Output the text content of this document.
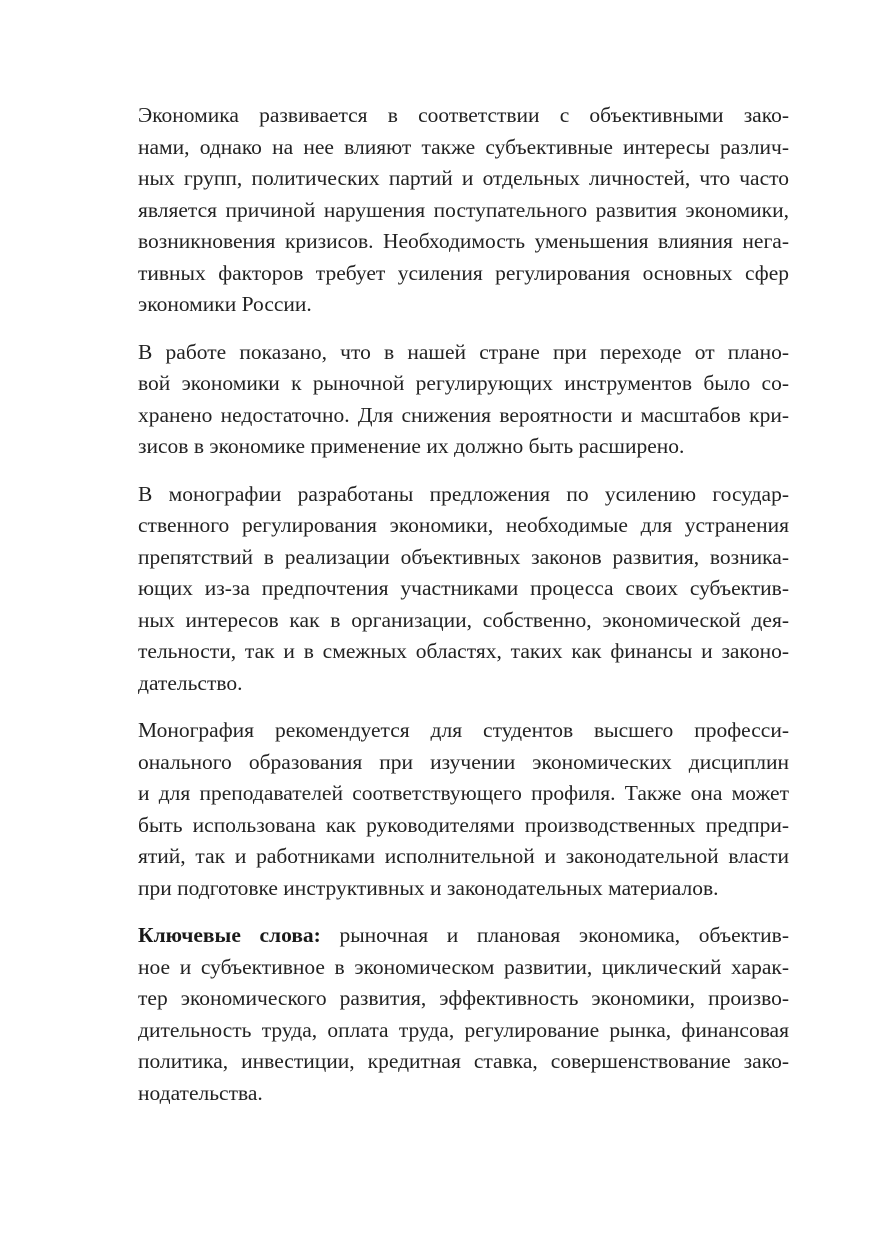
Экономика развивается в соответствии с объективными зако-
нами, однако на нее влияют также субъективные интересы различ-
ных групп, политических партий и отдельных личностей, что часто
является причиной нарушения поступательного развития экономики,
возникновения кризисов. Необходимость уменьшения влияния нега-
тивных факторов требует усиления регулирования основных сфер
экономики России.

В работе показано, что в нашей стране при переходе от плано-
вой экономики к рыночной регулирующих инструментов было со-
хранено недостаточно. Для снижения вероятности и масштабов кри-
зисов в экономике применение их должно быть расширено.

В монографии разработаны предложения по усилению государ-
ственного регулирования экономики, необходимые для устранения
препятствий в реализации объективных законов развития, возника-
ющих из-за предпочтения участниками процесса своих субъектив-
ных интересов как в организации, собственно, экономической дея-
тельности, так и в смежных областях, таких как финансы и законо-
дательство.

Монография рекомендуется для студентов высшего професси-
онального образования при изучении экономических дисциплин
и для преподавателей соответствующего профиля. Также она может
быть использована как руководителями производственных предпри-
ятий, так и работниками исполнительной и законодательной власти
при подготовке инструктивных и законодательных материалов.

Ключевые слова: рыночная и плановая экономика, объектив-
ное и субъективное в экономическом развитии, циклический харак-
тер экономического развития, эффективность экономики, произво-
дительность труда, оплата труда, регулирование рынка, финансовая
политика, инвестиции, кредитная ставка, совершенствование зако-
нодательства.
